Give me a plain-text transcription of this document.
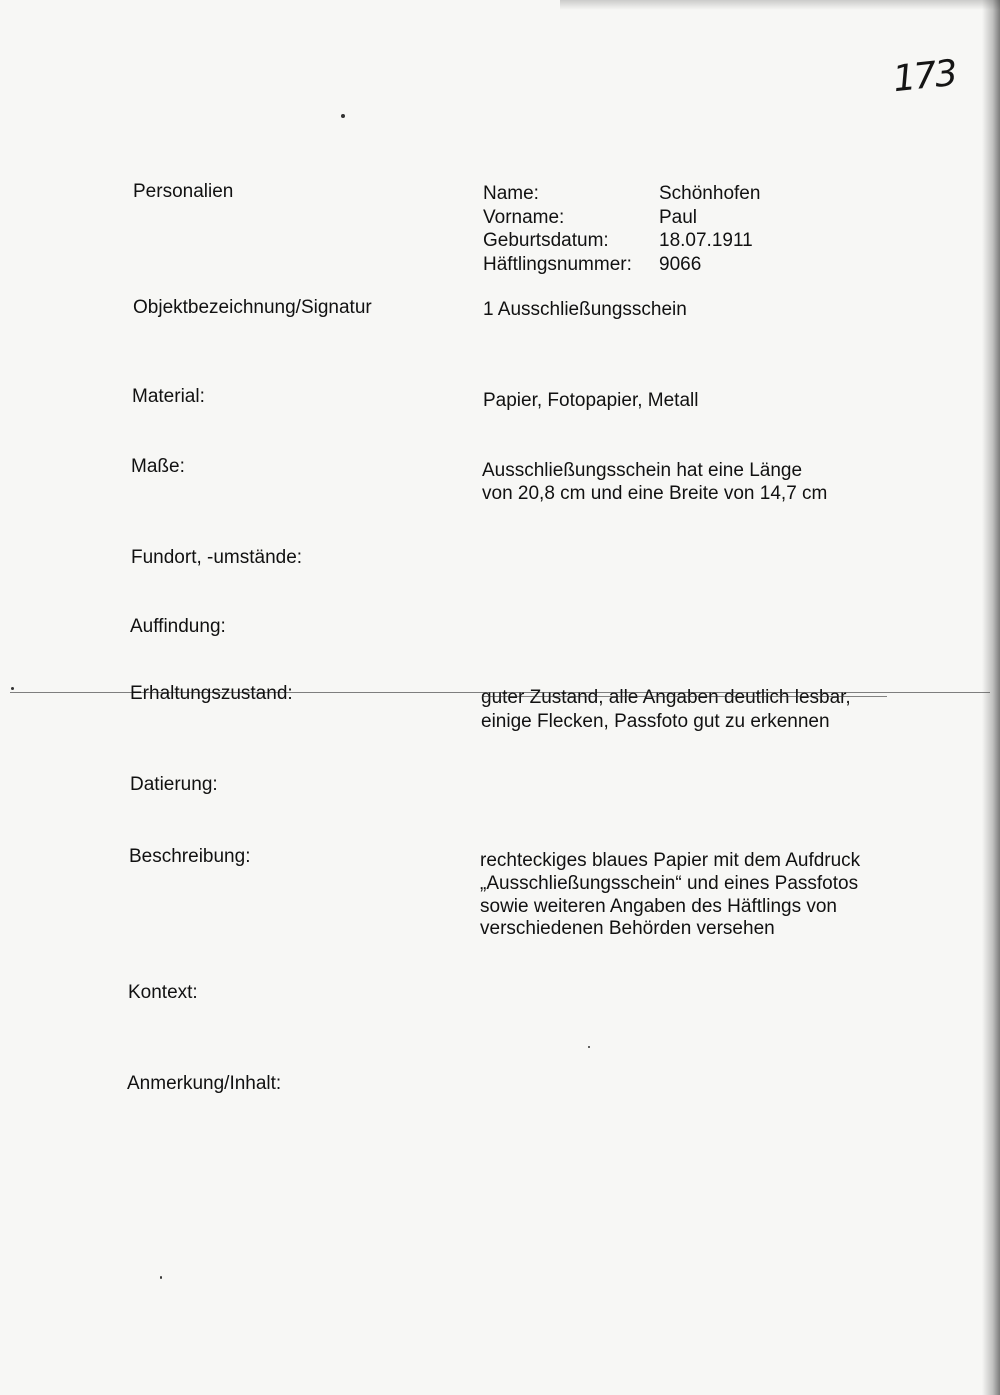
173
Personalien	Name:	Schönhofen
Vorname:	Paul
Geburtsdatum:	18.07.1911
Häftlingsnummer:	9066
Objektbezeichnung/Signatur	1 Ausschließungsschein
Material:	Papier, Fotopapier, Metall
Maße:	Ausschließungsschein hat eine Länge
von 20,8 cm und eine Breite von 14,7 cm
Fundort, -umstände:
Auffindung:
Erhaltungszustand:	guter Zustand, alle Angaben deutlich lesbar,
einige Flecken, Passfoto gut zu erkennen
Datierung:
Beschreibung:	rechteckiges blaues Papier mit dem Aufdruck
„Ausschließungsschein“ und eines Passfotos
sowie weiteren Angaben des Häftlings von
verschiedenen Behörden versehen
Kontext:
Anmerkung/Inhalt:
